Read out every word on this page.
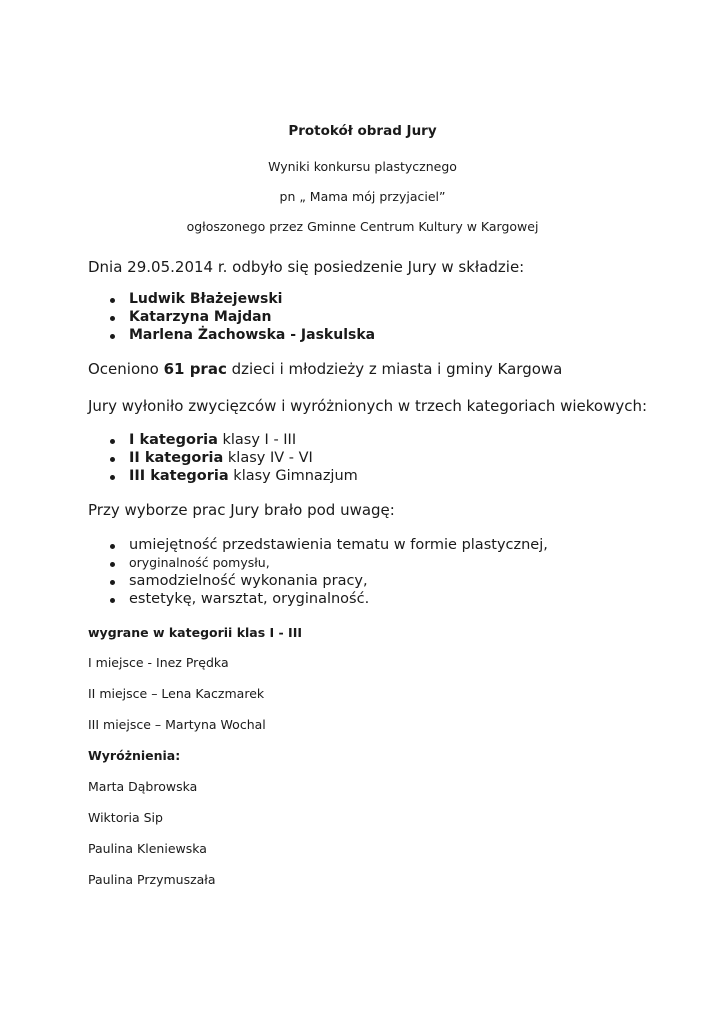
Protokół obrad Jury
Wyniki konkursu plastycznego
pn „ Mama mój przyjaciel”
ogłoszonego przez Gminne Centrum Kultury w Kargowej
Dnia 29.05.2014 r. odbyło się posiedzenie Jury w składzie:
Ludwik Błażejewski
Katarzyna Majdan
Marlena Żachowska - Jaskulska
Oceniono 61 prac dzieci i młodzieży z miasta i gminy Kargowa
Jury wyłoniło zwycięzców i wyróżnionych w trzech kategoriach wiekowych:
I kategoria klasy I - III
II kategoria klasy IV - VI
III kategoria klasy Gimnazjum
Przy wyborze prac Jury brało pod uwagę:
umiejętność przedstawienia tematu w formie plastycznej,
oryginalność pomysłu,
samodzielność wykonania pracy,
estetykę, warsztat, oryginalność.
wygrane w kategorii klas I - III
I miejsce - Inez Prędka
II miejsce – Lena Kaczmarek
III miejsce – Martyna Wochal
Wyróżnienia:
Marta Dąbrowska
Wiktoria Sip
Paulina Kleniewska
Paulina Przymuszała
